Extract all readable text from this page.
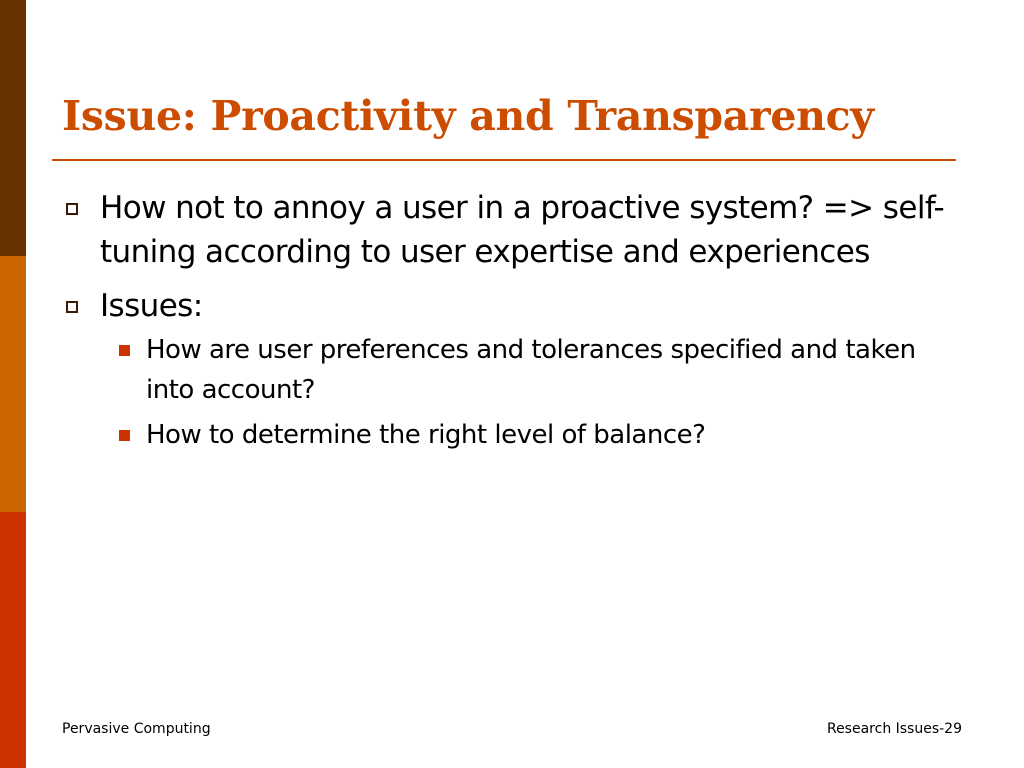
Issue: Proactivity and Transparency
How not to annoy a user in a proactive system? => self-tuning according to user expertise and experiences
Issues:
How are user preferences and tolerances specified and taken into account?
How to determine the right level of balance?
Pervasive Computing	Research Issues-29
